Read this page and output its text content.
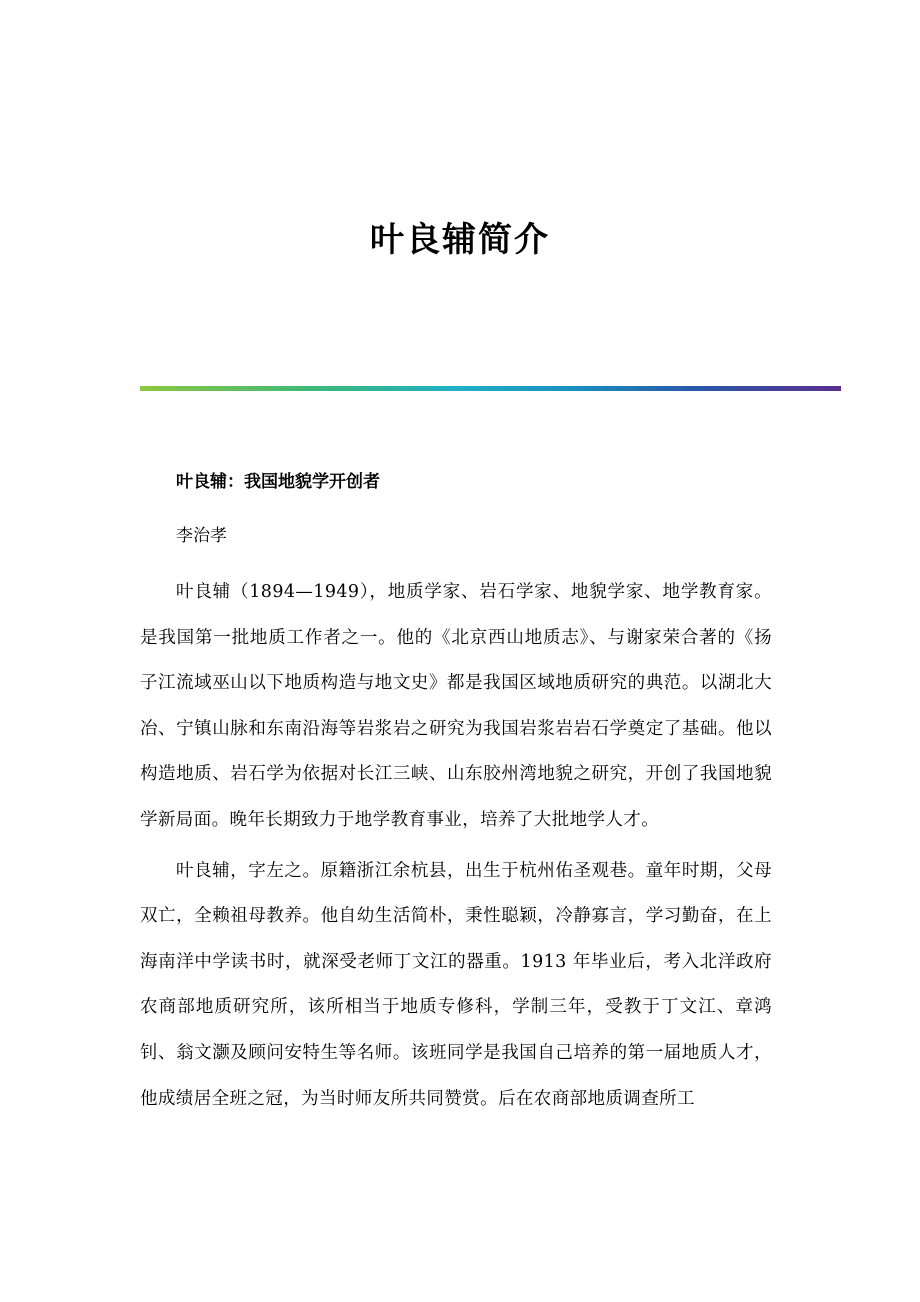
叶良辅简介

叶良辅：我国地貌学开创者

李治孝

叶良辅（1894—1949），地质学家、岩石学家、地貌学家、地学教育家。是我国第一批地质工作者之一。他的《北京西山地质志》、与谢家荣合著的《扬子江流域巫山以下地质构造与地文史》都是我国区域地质研究的典范。以湖北大冶、宁镇山脉和东南沿海等岩浆岩之研究为我国岩浆岩岩石学奠定了基础。他以构造地质、岩石学为依据对长江三峡、山东胶州湾地貌之研究，开创了我国地貌学新局面。晚年长期致力于地学教育事业，培养了大批地学人才。

叶良辅，字左之。原籍浙江余杭县，出生于杭州佑圣观巷。童年时期，父母双亡，全赖祖母教养。他自幼生活简朴，秉性聪颖，冷静寡言，学习勤奋，在上海南洋中学读书时，就深受老师丁文江的器重。1913 年毕业后，考入北洋政府农商部地质研究所，该所相当于地质专修科，学制三年，受教于丁文江、章鸿钊、翁文灏及顾问安特生等名师。该班同学是我国自己培养的第一届地质人才，他成绩居全班之冠，为当时师友所共同赞赏。后在农商部地质调查所工
